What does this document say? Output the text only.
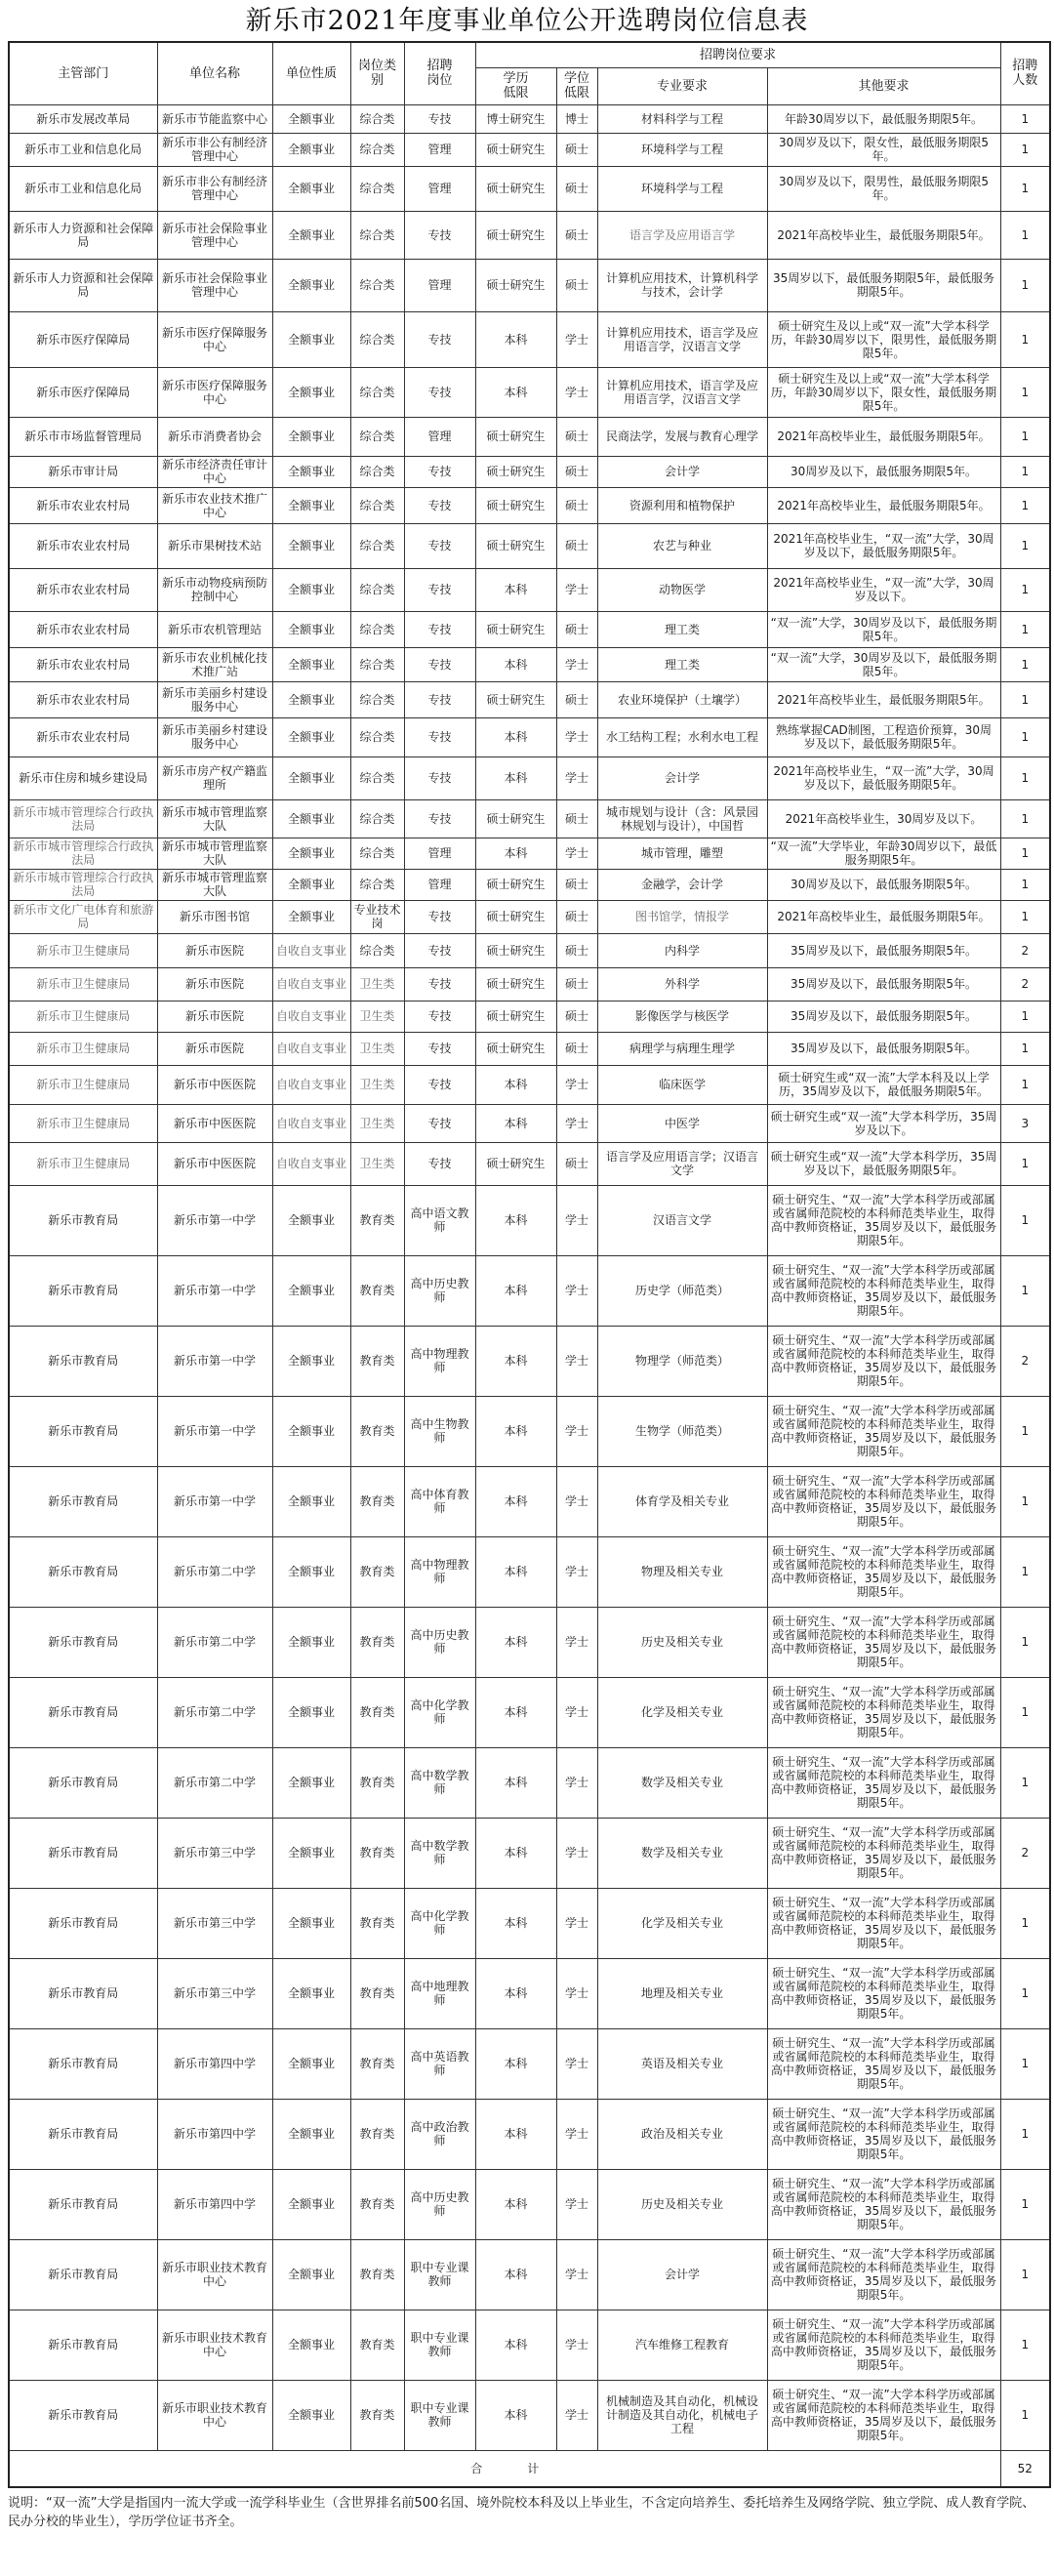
新乐市2021年度事业单位公开选聘岗位信息表
主管部门	单位名称	单位性质	岗位类别	招聘岗位	招聘岗位要求				招聘人数
					学历低限	学位低限	专业要求	其他要求	
新乐市发展改革局	新乐市节能监察中心	全额事业	综合类	专技	博士研究生	博士	材料科学与工程	年龄30周岁以下，最低服务期限5年。	1
新乐市工业和信息化局	新乐市非公有制经济管理中心	全额事业	综合类	管理	硕士研究生	硕士	环境科学与工程	30周岁及以下，限女性，最低服务期限5年。	1
新乐市工业和信息化局	新乐市非公有制经济管理中心	全额事业	综合类	管理	硕士研究生	硕士	环境科学与工程	30周岁及以下，限男性，最低服务期限5年。	1
新乐市人力资源和社会保障局	新乐市社会保险事业管理中心	全额事业	综合类	专技	硕士研究生	硕士	语言学及应用语言学	2021年高校毕业生，最低服务期限5年。	1
新乐市人力资源和社会保障局	新乐市社会保险事业管理中心	全额事业	综合类	管理	硕士研究生	硕士	计算机应用技术，计算机科学与技术，会计学	35周岁以下，最低服务期限5年，最低服务期限5年。	1
新乐市医疗保障局	新乐市医疗保障服务中心	全额事业	综合类	专技	本科	学士	计算机应用技术，语言学及应用语言学，汉语言文学	硕士研究生及以上或“双一流”大学本科学历，年龄30周岁以下，限男性，最低服务期限5年。	1
新乐市医疗保障局	新乐市医疗保障服务中心	全额事业	综合类	专技	本科	学士	计算机应用技术，语言学及应用语言学，汉语言文学	硕士研究生及以上或“双一流”大学本科学历，年龄30周岁以下，限女性，最低服务期限5年。	1
新乐市市场监督管理局	新乐市消费者协会	全额事业	综合类	管理	硕士研究生	硕士	民商法学，发展与教育心理学	2021年高校毕业生，最低服务期限5年。	1
新乐市审计局	新乐市经济责任审计中心	全额事业	综合类	专技	硕士研究生	硕士	会计学	30周岁及以下，最低服务期限5年。	1
新乐市农业农村局	新乐市农业技术推广中心	全额事业	综合类	专技	硕士研究生	硕士	资源利用和植物保护	2021年高校毕业生，最低服务期限5年。	1
新乐市农业农村局	新乐市果树技术站	全额事业	综合类	专技	硕士研究生	硕士	农艺与种业	2021年高校毕业生，“双一流”大学，30周岁及以下，最低服务期限5年。	1
新乐市农业农村局	新乐市动物疫病预防控制中心	全额事业	综合类	专技	本科	学士	动物医学	2021年高校毕业生，“双一流”大学，30周岁及以下。	1
新乐市农业农村局	新乐市农机管理站	全额事业	综合类	专技	硕士研究生	硕士	理工类	“双一流”大学，30周岁及以下，最低服务期限5年。	1
新乐市农业农村局	新乐市农业机械化技术推广站	全额事业	综合类	专技	本科	学士	理工类	“双一流”大学，30周岁及以下，最低服务期限5年。	1
新乐市农业农村局	新乐市美丽乡村建设服务中心	全额事业	综合类	专技	硕士研究生	硕士	农业环境保护（土壤学）	2021年高校毕业生，最低服务期限5年。	1
新乐市农业农村局	新乐市美丽乡村建设服务中心	全额事业	综合类	专技	本科	学士	水工结构工程；水利水电工程	熟练掌握CAD制图，工程造价预算，30周岁及以下，最低服务期限5年。	1
新乐市住房和城乡建设局	新乐市房产权产籍监理所	全额事业	综合类	专技	本科	学士	会计学	2021年高校毕业生，“双一流”大学，30周岁及以下，最低服务期限5年。	1
新乐市城市管理综合行政执法局	新乐市城市管理监察大队	全额事业	综合类	专技	硕士研究生	硕士	城市规划与设计（含：风景园林规划与设计），中国哲	2021年高校毕业生，30周岁及以下。	1
新乐市城市管理综合行政执法局	新乐市城市管理监察大队	全额事业	综合类	管理	本科	学士	城市管理，雕塑	“双一流”大学毕业，年龄30周岁以下，最低服务期限5年。	1
新乐市城市管理综合行政执法局	新乐市城市管理监察大队	全额事业	综合类	管理	硕士研究生	硕士	金融学，会计学	30周岁及以下，最低服务期限5年。	1
新乐市文化广电体育和旅游局	新乐市图书馆	全额事业	专业技术岗	专技	硕士研究生	硕士	图书馆学，情报学	2021年高校毕业生，最低服务期限5年。	1
新乐市卫生健康局	新乐市医院	自收自支事业	综合类	专技	硕士研究生	硕士	内科学	35周岁及以下，最低服务期限5年。	2
新乐市卫生健康局	新乐市医院	自收自支事业	卫生类	专技	硕士研究生	硕士	外科学	35周岁及以下，最低服务期限5年。	2
新乐市卫生健康局	新乐市医院	自收自支事业	卫生类	专技	硕士研究生	硕士	影像医学与核医学	35周岁及以下，最低服务期限5年。	1
新乐市卫生健康局	新乐市医院	自收自支事业	卫生类	专技	硕士研究生	硕士	病理学与病理生理学	35周岁及以下，最低服务期限5年。	1
新乐市卫生健康局	新乐市中医医院	自收自支事业	卫生类	专技	本科	学士	临床医学	硕士研究生或“双一流”大学本科及以上学历，35周岁及以下，最低服务期限5年。	1
新乐市卫生健康局	新乐市中医医院	自收自支事业	卫生类	专技	本科	学士	中医学	硕士研究生或“双一流”大学本科学历，35周岁及以下。	3
新乐市卫生健康局	新乐市中医医院	自收自支事业	卫生类	专技	硕士研究生	硕士	语言学及应用语言学；汉语言文学	硕士研究生或“双一流”大学本科学历，35周岁及以下，最低服务期限5年。	1
新乐市教育局	新乐市第一中学	全额事业	教育类	高中语文教师	本科	学士	汉语言文学	硕士研究生、“双一流”大学本科学历或部属或省属师范院校的本科师范类毕业生，取得高中教师资格证，35周岁及以下，最低服务期限5年。	1
新乐市教育局	新乐市第一中学	全额事业	教育类	高中历史教师	本科	学士	历史学（师范类）	硕士研究生、“双一流”大学本科学历或部属或省属师范院校的本科师范类毕业生，取得高中教师资格证，35周岁及以下，最低服务期限5年。	1
新乐市教育局	新乐市第一中学	全额事业	教育类	高中物理教师	本科	学士	物理学（师范类）	硕士研究生、“双一流”大学本科学历或部属或省属师范院校的本科师范类毕业生，取得高中教师资格证，35周岁及以下，最低服务期限5年。	2
新乐市教育局	新乐市第一中学	全额事业	教育类	高中生物教师	本科	学士	生物学（师范类）	硕士研究生、“双一流”大学本科学历或部属或省属师范院校的本科师范类毕业生，取得高中教师资格证，35周岁及以下，最低服务期限5年。	1
新乐市教育局	新乐市第一中学	全额事业	教育类	高中体育教师	本科	学士	体育学及相关专业	硕士研究生、“双一流”大学本科学历或部属或省属师范院校的本科师范类毕业生，取得高中教师资格证，35周岁及以下，最低服务期限5年。	1
新乐市教育局	新乐市第二中学	全额事业	教育类	高中物理教师	本科	学士	物理及相关专业	硕士研究生、“双一流”大学本科学历或部属或省属师范院校的本科师范类毕业生，取得高中教师资格证，35周岁及以下，最低服务期限5年。	1
新乐市教育局	新乐市第二中学	全额事业	教育类	高中历史教师	本科	学士	历史及相关专业	硕士研究生、“双一流”大学本科学历或部属或省属师范院校的本科师范类毕业生，取得高中教师资格证，35周岁及以下，最低服务期限5年。	1
新乐市教育局	新乐市第二中学	全额事业	教育类	高中化学教师	本科	学士	化学及相关专业	硕士研究生、“双一流”大学本科学历或部属或省属师范院校的本科师范类毕业生，取得高中教师资格证，35周岁及以下，最低服务期限5年。	1
新乐市教育局	新乐市第二中学	全额事业	教育类	高中数学教师	本科	学士	数学及相关专业	硕士研究生、“双一流”大学本科学历或部属或省属师范院校的本科师范类毕业生，取得高中教师资格证，35周岁及以下，最低服务期限5年。	1
新乐市教育局	新乐市第三中学	全额事业	教育类	高中数学教师	本科	学士	数学及相关专业	硕士研究生、“双一流”大学本科学历或部属或省属师范院校的本科师范类毕业生，取得高中教师资格证，35周岁及以下，最低服务期限5年。	2
新乐市教育局	新乐市第三中学	全额事业	教育类	高中化学教师	本科	学士	化学及相关专业	硕士研究生、“双一流”大学本科学历或部属或省属师范院校的本科师范类毕业生，取得高中教师资格证，35周岁及以下，最低服务期限5年。	1
新乐市教育局	新乐市第三中学	全额事业	教育类	高中地理教师	本科	学士	地理及相关专业	硕士研究生、“双一流”大学本科学历或部属或省属师范院校的本科师范类毕业生，取得高中教师资格证，35周岁及以下，最低服务期限5年。	1
新乐市教育局	新乐市第四中学	全额事业	教育类	高中英语教师	本科	学士	英语及相关专业	硕士研究生、“双一流”大学本科学历或部属或省属师范院校的本科师范类毕业生，取得高中教师资格证，35周岁及以下，最低服务期限5年。	1
新乐市教育局	新乐市第四中学	全额事业	教育类	高中政治教师	本科	学士	政治及相关专业	硕士研究生、“双一流”大学本科学历或部属或省属师范院校的本科师范类毕业生，取得高中教师资格证，35周岁及以下，最低服务期限5年。	1
新乐市教育局	新乐市第四中学	全额事业	教育类	高中历史教师	本科	学士	历史及相关专业	硕士研究生、“双一流”大学本科学历或部属或省属师范院校的本科师范类毕业生，取得高中教师资格证，35周岁及以下，最低服务期限5年。	1
新乐市教育局	新乐市职业技术教育中心	全额事业	教育类	职中专业课教师	本科	学士	会计学	硕士研究生、“双一流”大学本科学历或部属或省属师范院校的本科师范类毕业生，取得高中教师资格证，35周岁及以下，最低服务期限5年。	1
新乐市教育局	新乐市职业技术教育中心	全额事业	教育类	职中专业课教师	本科	学士	汽车维修工程教育	硕士研究生、“双一流”大学本科学历或部属或省属师范院校的本科师范类毕业生，取得高中教师资格证，35周岁及以下，最低服务期限5年。	1
新乐市教育局	新乐市职业技术教育中心	全额事业	教育类	职中专业课教师	本科	学士	机械制造及其自动化，机械设计制造及其自动化，机械电子工程	硕士研究生、“双一流”大学本科学历或部属或省属师范院校的本科师范类毕业生，取得高中教师资格证，35周岁及以下，最低服务期限5年。	1
合计									52
说明：“双一流”大学是指国内一流大学或一流学科毕业生（含世界排名前500名国、境外院校本科及以上毕业生，不含定向培养生、委托培养生及网络学院、独立学院、成人教育学院、民办分校的毕业生），学历学位证书齐全。
